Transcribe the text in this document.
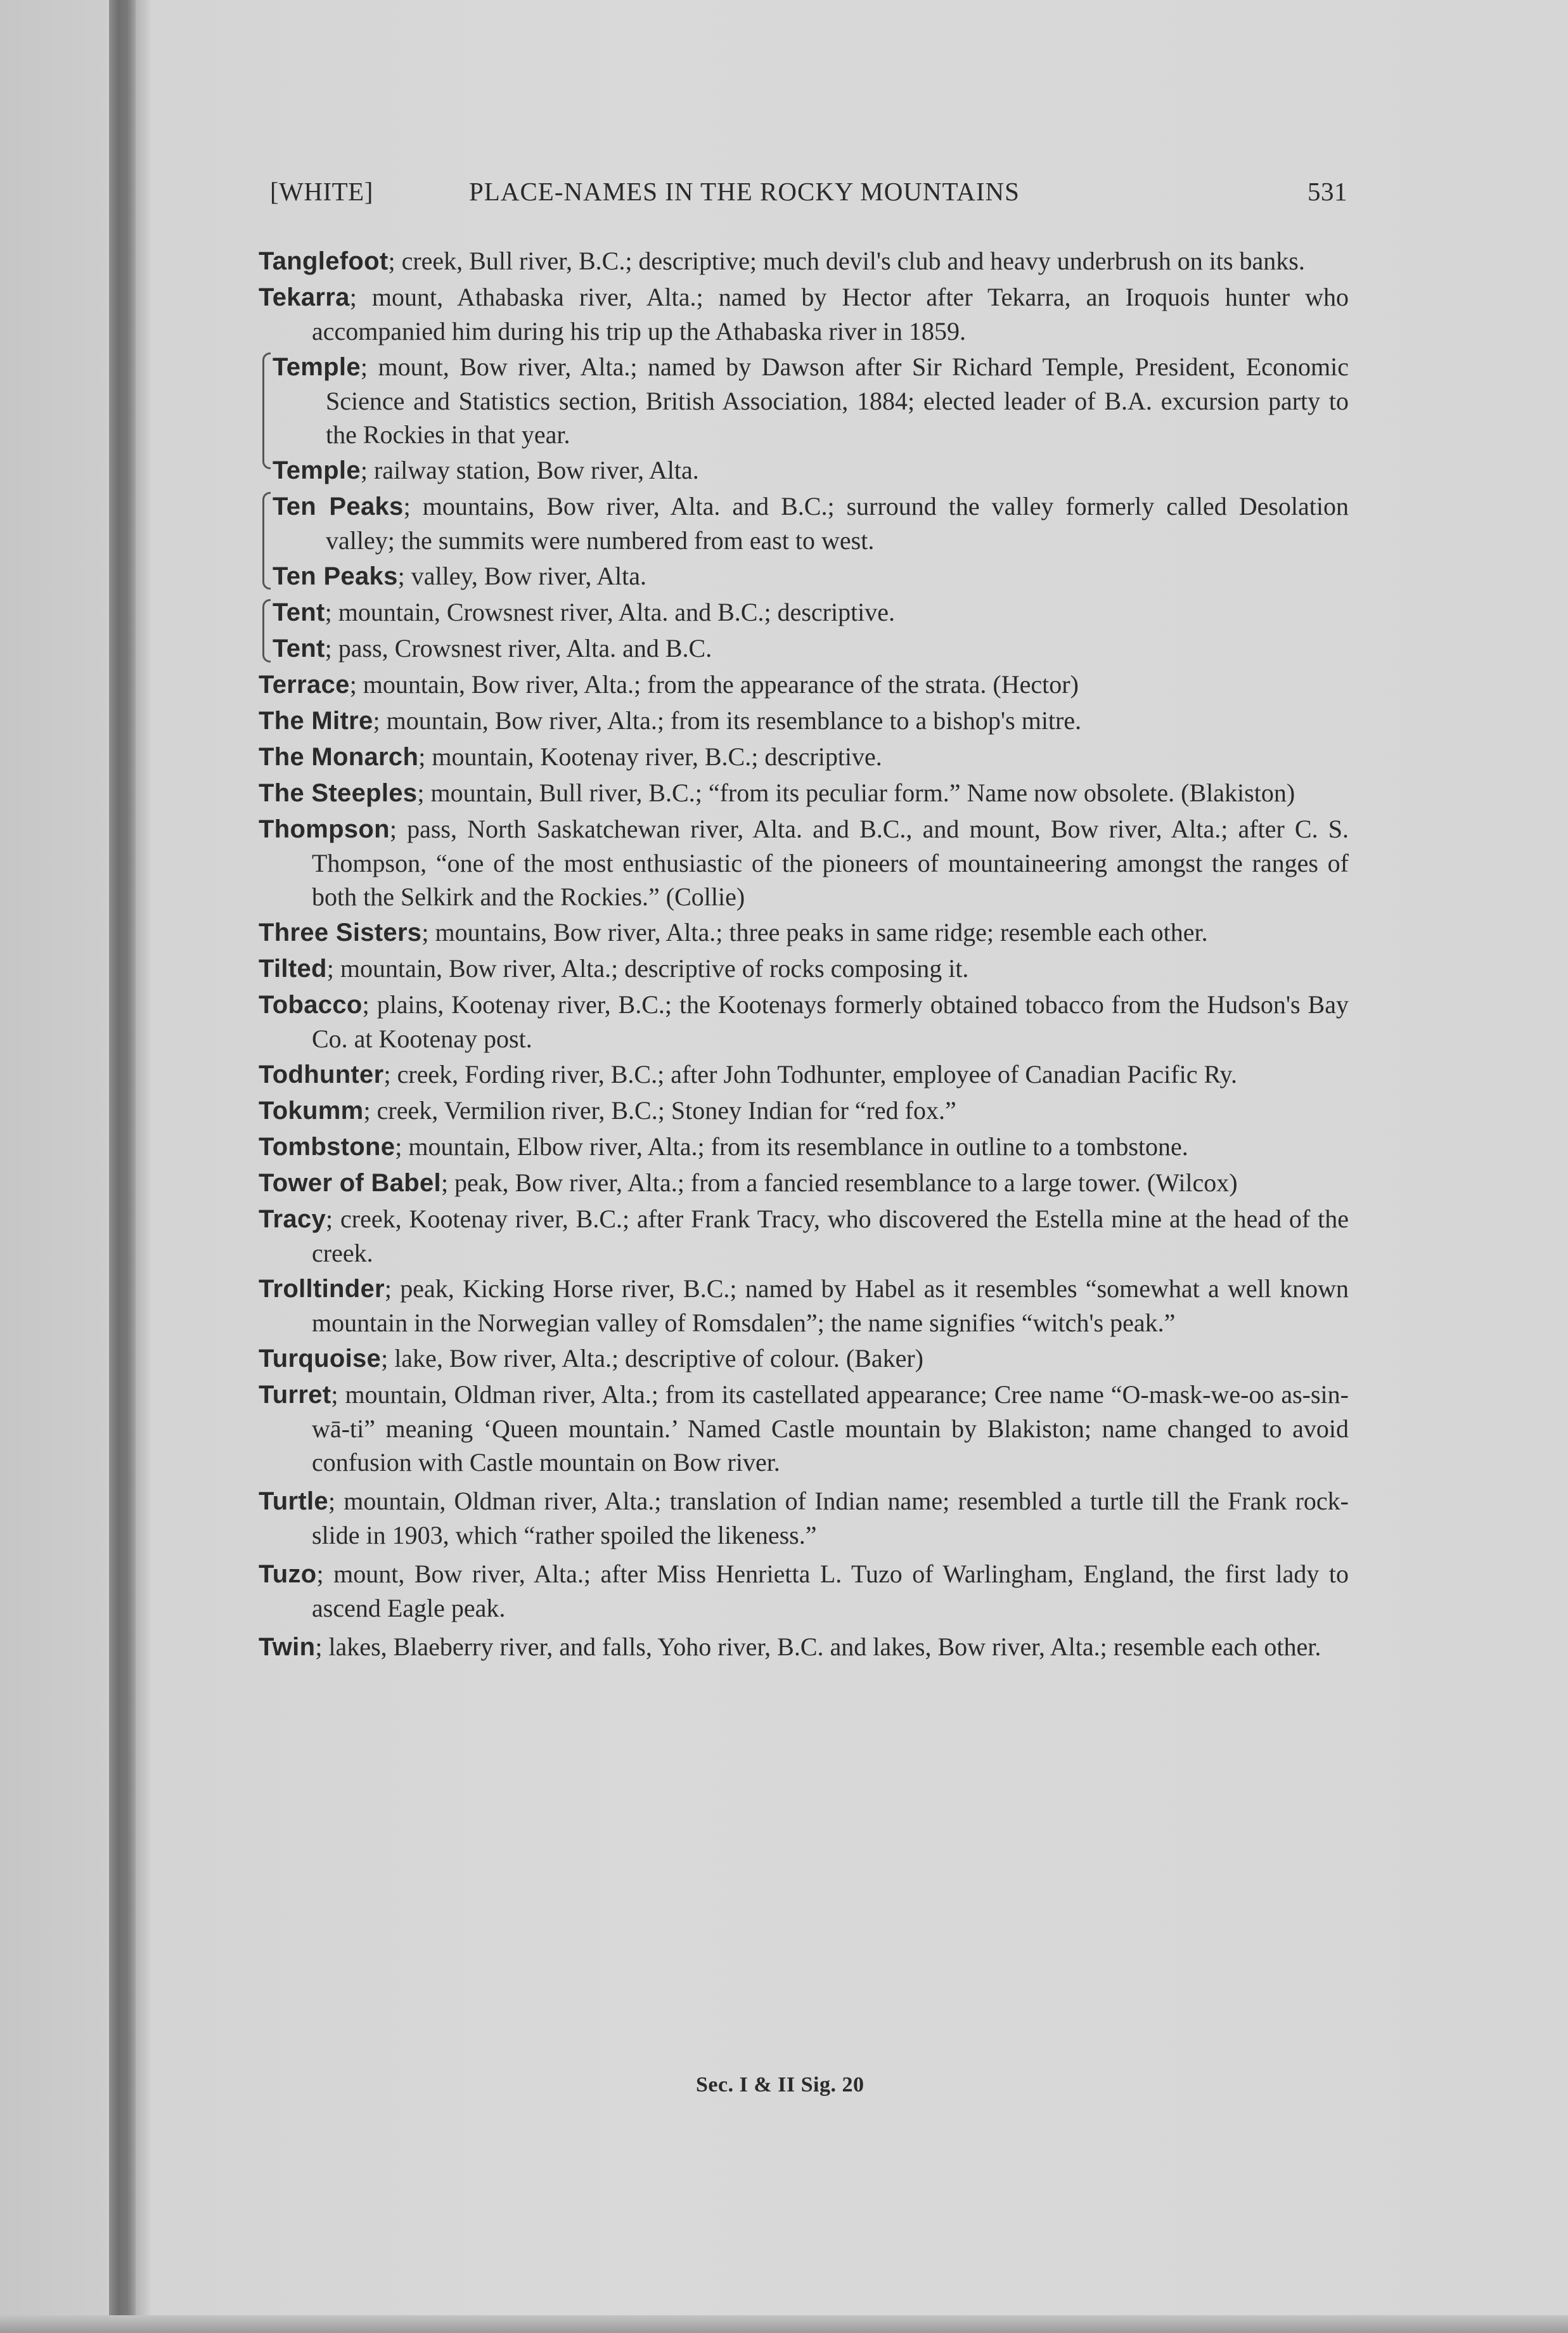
[WHITE]	PLACE-NAMES IN THE ROCKY MOUNTAINS	531

Tanglefoot; creek, Bull river, B.C.; descriptive; much devil's club and heavy underbrush on its banks.

Tekarra; mount, Athabaska river, Alta.; named by Hector after Tekarra, an Iroquois hunter who accompanied him during his trip up the Athabaska river in 1859.

Temple; mount, Bow river, Alta.; named by Dawson after Sir Richard Temple, President, Economic Science and Statistics section, British Association, 1884; elected leader of B.A. excursion party to the Rockies in that year.

Temple; railway station, Bow river, Alta.

Ten Peaks; mountains, Bow river, Alta. and B.C.; surround the valley formerly called Desolation valley; the summits were numbered from east to west.

Ten Peaks; valley, Bow river, Alta.

Tent; mountain, Crowsnest river, Alta. and B.C.; descriptive.

Tent; pass, Crowsnest river, Alta. and B.C.

Terrace; mountain, Bow river, Alta.; from the appearance of the strata. (Hector)

The Mitre; mountain, Bow river, Alta.; from its resemblance to a bishop's mitre.

The Monarch; mountain, Kootenay river, B.C.; descriptive.

The Steeples; mountain, Bull river, B.C.; “from its peculiar form.” Name now obsolete. (Blakiston)

Thompson; pass, North Saskatchewan river, Alta. and B.C., and mount, Bow river, Alta.; after C. S. Thompson, “one of the most enthusiastic of the pioneers of mountaineering amongst the ranges of both the Selkirk and the Rockies.” (Collie)

Three Sisters; mountains, Bow river, Alta.; three peaks in same ridge; resemble each other.

Tilted; mountain, Bow river, Alta.; descriptive of rocks composing it.

Tobacco; plains, Kootenay river, B.C.; the Kootenays formerly obtained tobacco from the Hudson's Bay Co. at Kootenay post.

Todhunter; creek, Fording river, B.C.; after John Todhunter, employee of Canadian Pacific Ry.

Tokumm; creek, Vermilion river, B.C.; Stoney Indian for “red fox.”

Tombstone; mountain, Elbow river, Alta.; from its resemblance in outline to a tombstone.

Tower of Babel; peak, Bow river, Alta.; from a fancied resemblance to a large tower. (Wilcox)

Tracy; creek, Kootenay river, B.C.; after Frank Tracy, who discovered the Estella mine at the head of the creek.

Trolltinder; peak, Kicking Horse river, B.C.; named by Habel as it resembles “somewhat a well known mountain in the Norwegian valley of Romsdalen”; the name signifies “witch's peak.”

Turquoise; lake, Bow river, Alta.; descriptive of colour. (Baker)

Turret; mountain, Oldman river, Alta.; from its castellated appearance; Cree name “O-mask-we-oo as-sin-wā-ti” meaning ‘Queen mountain.’ Named Castle mountain by Blakiston; name changed to avoid confusion with Castle mountain on Bow river.

Turtle; mountain, Oldman river, Alta.; translation of Indian name; resembled a turtle till the Frank rock-slide in 1903, which “rather spoiled the likeness.”

Tuzo; mount, Bow river, Alta.; after Miss Henrietta L. Tuzo of Warlingham, England, the first lady to ascend Eagle peak.

Twin; lakes, Blaeberry river, and falls, Yoho river, B.C. and lakes, Bow river, Alta.; resemble each other.

Sec. I & II Sig. 20
